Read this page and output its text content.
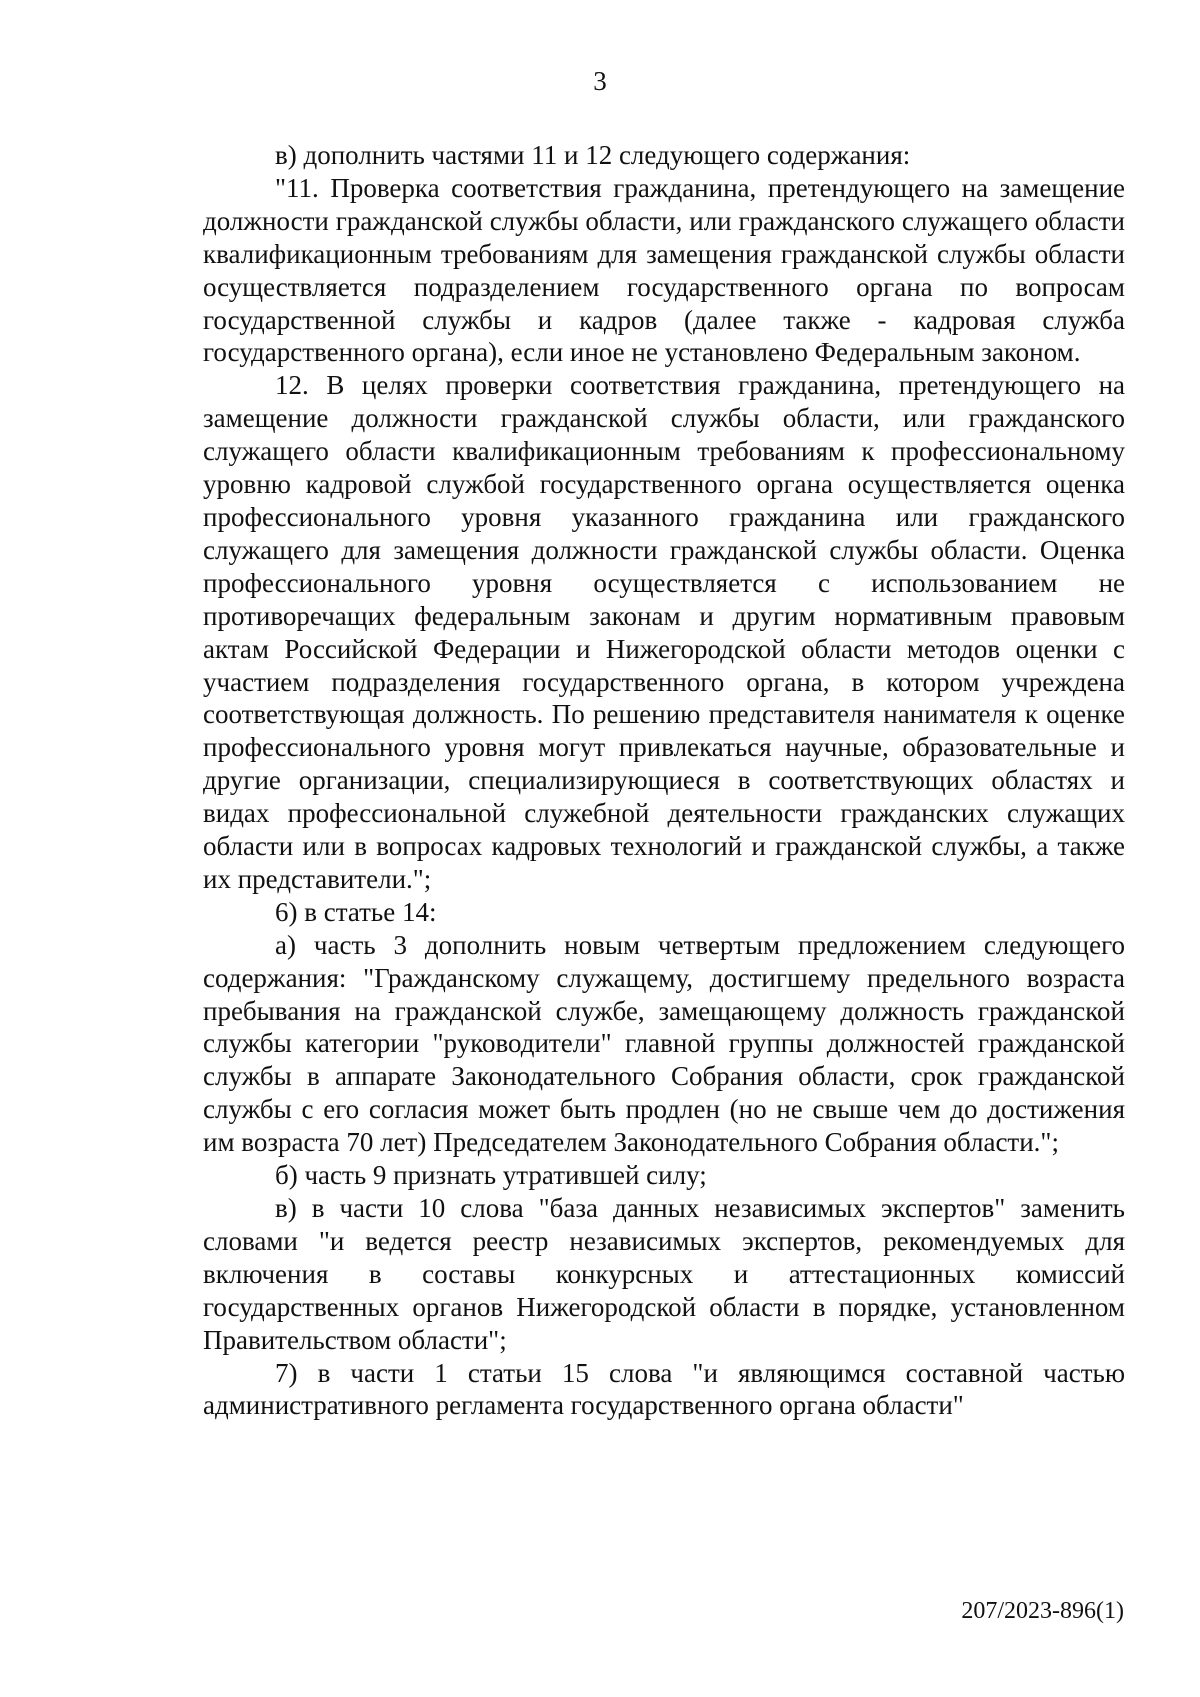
3

в) дополнить частями 11 и 12 следующего содержания:

"11. Проверка соответствия гражданина, претендующего на замещение должности гражданской службы области, или гражданского служащего области квалификационным требованиям для замещения гражданской службы области осуществляется подразделением государственного органа по вопросам государственной службы и кадров (далее также - кадровая служба государственного органа), если иное не установлено Федеральным законом.

12. В целях проверки соответствия гражданина, претендующего на замещение должности гражданской службы области, или гражданского служащего области квалификационным требованиям к профессиональному уровню кадровой службой государственного органа осуществляется оценка профессионального уровня указанного гражданина или гражданского служащего для замещения должности гражданской службы области. Оценка профессионального уровня осуществляется с использованием не противоречащих федеральным законам и другим нормативным правовым актам Российской Федерации и Нижегородской области методов оценки с участием подразделения государственного органа, в котором учреждена соответствующая должность. По решению представителя нанимателя к оценке профессионального уровня могут привлекаться научные, образовательные и другие организации, специализирующиеся в соответствующих областях и видах профессиональной служебной деятельности гражданских служащих области или в вопросах кадровых технологий и гражданской службы, а также их представители.";

6) в статье 14:

а) часть 3 дополнить новым четвертым предложением следующего содержания: "Гражданскому служащему, достигшему предельного возраста пребывания на гражданской службе, замещающему должность гражданской службы категории "руководители" главной группы должностей гражданской службы в аппарате Законодательного Собрания области, срок гражданской службы с его согласия может быть продлен (но не свыше чем до достижения им возраста 70 лет) Председателем Законодательного Собрания области.";

б) часть 9 признать утратившей силу;

в) в части 10 слова "база данных независимых экспертов" заменить словами "и ведется реестр независимых экспертов, рекомендуемых для включения в составы конкурсных и аттестационных комиссий государственных органов Нижегородской области в порядке, установленном Правительством области";

7) в части 1 статьи 15 слова "и являющимся составной частью административного регламента государственного органа области"

207/2023-896(1)
